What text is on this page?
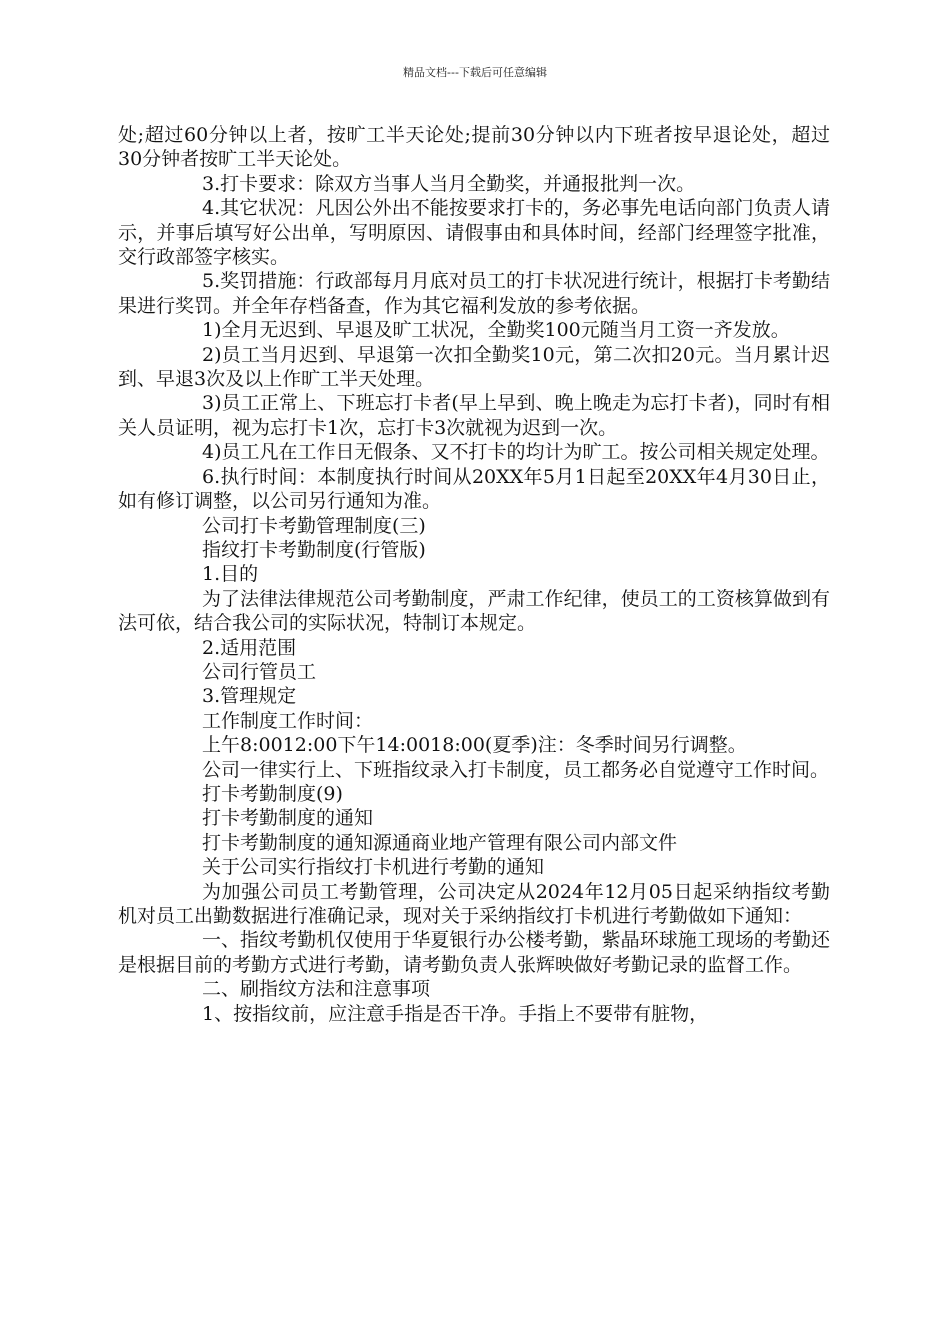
精品文档---下载后可任意编辑

处;超过60分钟以上者，按旷工半天论处;提前30分钟以内下班者按早退论处，超过30分钟者按旷工半天论处。

3.打卡要求：除双方当事人当月全勤奖，并通报批判一次。

4.其它状况：凡因公外出不能按要求打卡的，务必事先电话向部门负责人请示，并事后填写好公出单，写明原因、请假事由和具体时间，经部门经理签字批准，交行政部签字核实。

5.奖罚措施：行政部每月月底对员工的打卡状况进行统计，根据打卡考勤结果进行奖罚。并全年存档备查，作为其它福利发放的参考依据。

1)全月无迟到、早退及旷工状况，全勤奖100元随当月工资一齐发放。

2)员工当月迟到、早退第一次扣全勤奖10元，第二次扣20元。当月累计迟到、早退3次及以上作旷工半天处理。

3)员工正常上、下班忘打卡者(早上早到、晚上晚走为忘打卡者)，同时有相关人员证明，视为忘打卡1次，忘打卡3次就视为迟到一次。

4)员工凡在工作日无假条、又不打卡的均计为旷工。按公司相关规定处理。

6.执行时间：本制度执行时间从20XX年5月1日起至20XX年4月30日止，如有修订调整，以公司另行通知为准。

公司打卡考勤管理制度(三)

指纹打卡考勤制度(行管版)

1.目的

为了法律法律规范公司考勤制度，严肃工作纪律，使员工的工资核算做到有法可依，结合我公司的实际状况，特制订本规定。

2.适用范围

公司行管员工

3.管理规定

工作制度工作时间：

上午8:0012:00下午14:0018:00(夏季)注：冬季时间另行调整。

公司一律实行上、下班指纹录入打卡制度，员工都务必自觉遵守工作时间。

打卡考勤制度(9)

打卡考勤制度的通知

打卡考勤制度的通知源通商业地产管理有限公司内部文件

关于公司实行指纹打卡机进行考勤的通知

为加强公司员工考勤管理，公司决定从2024年12月05日起采纳指纹考勤机对员工出勤数据进行准确记录，现对关于采纳指纹打卡机进行考勤做如下通知：

一、指纹考勤机仅使用于华夏银行办公楼考勤，紫晶环球施工现场的考勤还是根据目前的考勤方式进行考勤，请考勤负责人张辉映做好考勤记录的监督工作。

二、刷指纹方法和注意事项

1、按指纹前，应注意手指是否干净。手指上不要带有脏物，
